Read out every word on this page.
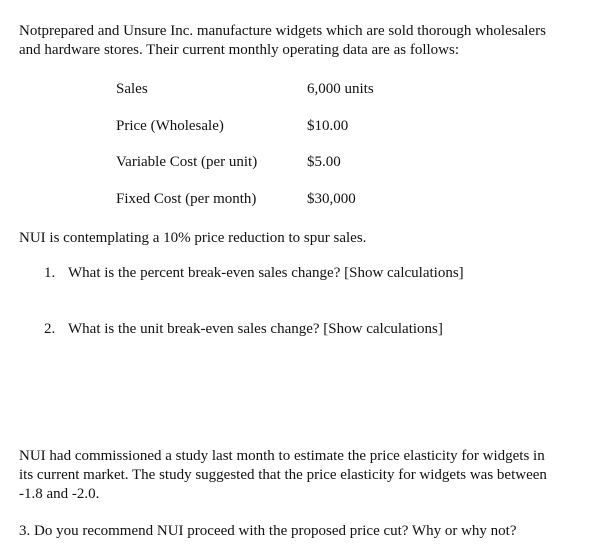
Notprepared and Unsure Inc. manufacture widgets which are sold thorough wholesalers
and hardware stores. Their current monthly operating data are as follows:

Sales	6,000 units
Price (Wholesale)	$10.00
Variable Cost (per unit)	$5.00
Fixed Cost (per month)	$30,000

NUI is contemplating a 10% price reduction to spur sales.

1. What is the percent break-even sales change? [Show calculations]
2. What is the unit break-even sales change? [Show calculations]

NUI had commissioned a study last month to estimate the price elasticity for widgets in
its current market. The study suggested that the price elasticity for widgets was between
-1.8 and -2.0.

3. Do you recommend NUI proceed with the proposed price cut? Why or why not?
